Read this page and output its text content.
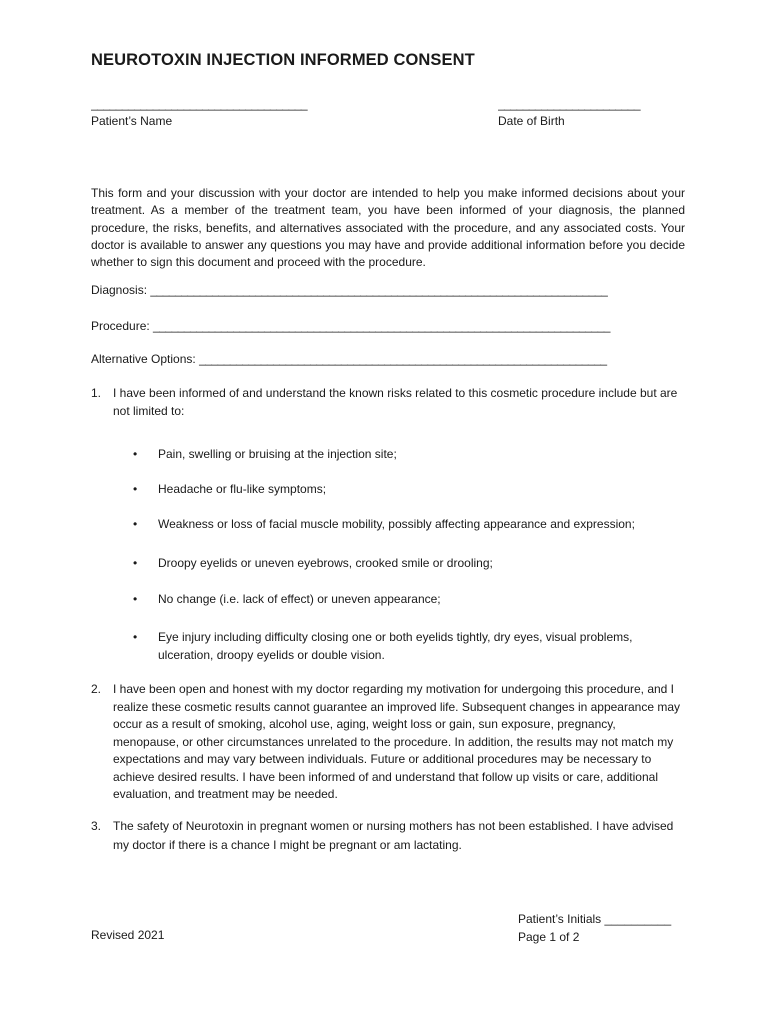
NEUROTOXIN INJECTION INFORMED CONSENT
___________________________________
Patient’s Name
_______________________
Date of Birth
This form and your discussion with your doctor are intended to help you make informed decisions about your treatment. As a member of the treatment team, you have been informed of your diagnosis, the planned procedure, the risks, benefits, and alternatives associated with the procedure, and any associated costs. Your doctor is available to answer any questions you may have and provide additional information before you decide whether to sign this document and proceed with the procedure.
Diagnosis: __________________________________________________________________________
Procedure: __________________________________________________________________________
Alternative Options: __________________________________________________________________
1. I have been informed of and understand the known risks related to this cosmetic procedure include but are not limited to:
• Pain, swelling or bruising at the injection site;
• Headache or flu-like symptoms;
• Weakness or loss of facial muscle mobility, possibly affecting appearance and expression;
• Droopy eyelids or uneven eyebrows, crooked smile or drooling;
• No change (i.e. lack of effect) or uneven appearance;
• Eye injury including difficulty closing one or both eyelids tightly, dry eyes, visual problems, ulceration, droopy eyelids or double vision.
2. I have been open and honest with my doctor regarding my motivation for undergoing this procedure, and I realize these cosmetic results cannot guarantee an improved life. Subsequent changes in appearance may occur as a result of smoking, alcohol use, aging, weight loss or gain, sun exposure, pregnancy, menopause, or other circumstances unrelated to the procedure. In addition, the results may not match my expectations and may vary between individuals. Future or additional procedures may be necessary to achieve desired results. I have been informed of and understand that follow up visits or care, additional evaluation, and treatment may be needed.
3. The safety of Neurotoxin in pregnant women or nursing mothers has not been established. I have advised my doctor if there is a chance I might be pregnant or am lactating.
Revised 2021
Patient’s Initials __________
Page 1 of 2
